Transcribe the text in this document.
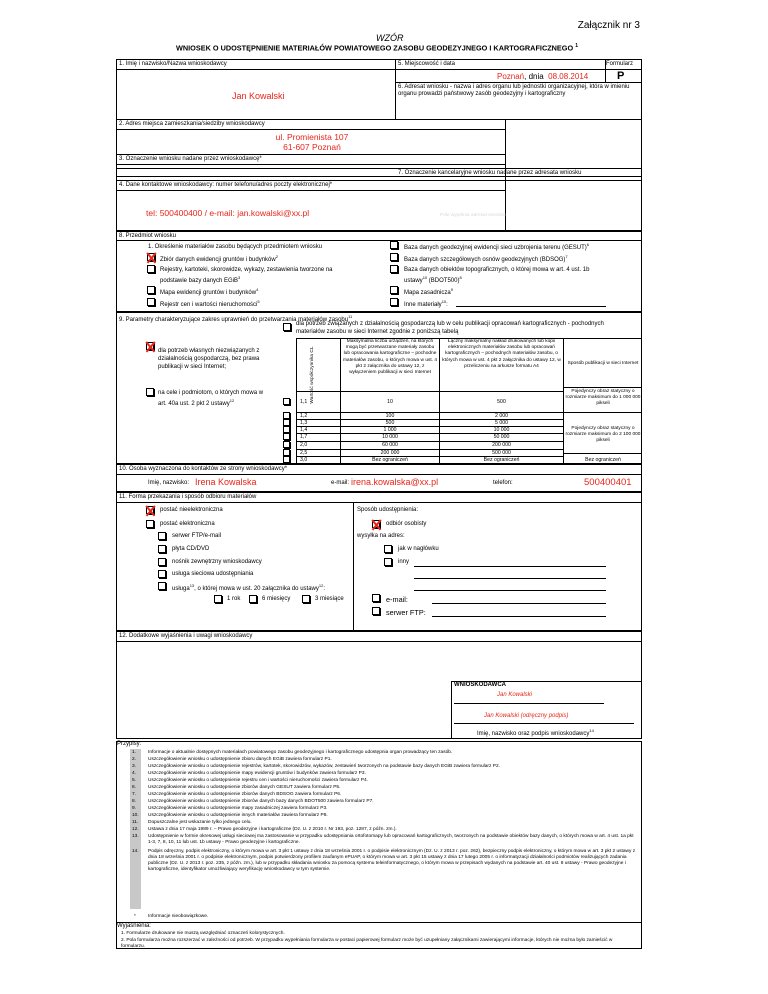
Załącznik nr 3
WZÓR
WNIOSEK O UDOSTĘPNIENIE MATERIAŁÓW POWIATOWEGO ZASOBU GEODEZYJNEGO I KARTOGRAFICZNEGO $^1$
1. Imię i nazwisko/Nazwa wnioskodawcy
Jan Kowalski
5. Miejscowość i data	Formularz
P
Poznań, dnia 08.08.2014
6. Adresat wniosku - nazwa i adres organu lub jednostki organizacyjnej, która w imieniu organu prowadzi państwowy zasób geodezyjny i kartograficzny
2. Adres miejsca zamieszkania/siedziby wnioskodawcy
ul. Promienista 107
61-607 Poznań
3. Oznaczenie wniosku nadane przez wnioskodawcę*
7. Oznaczenie kancelaryjne wniosku nadane przez adresata wniosku
4. Dane kontaktowe wnioskodawcy: numer telefonu/adres poczty elektronicznej*
tel: 500400400 / e-mail: jan.kowalski@xx.pl	Pole wypełnia adresat wniosku
8. Przedmiot wniosku
1. Określenie materiałów zasobu będących przedmiotem wniosku
Zbiór danych ewidencji gruntów i budynków$^2$
Rejestry, kartoteki, skorowidze, wykazy, zestawienia tworzone na podstawie bazy danych EGiB$^3$
Mapa ewidencji gruntów i budynków$^4$
Rejestr cen i wartości nieruchomości$^5$
Baza danych geodezyjnej ewidencji sieci uzbrojenia terenu (GESUT)$^6$
Baza danych szczegółowych osnów geodezyjnych (BDSOG)$^7$
Baza danych obiektów topograficznych, o której mowa w art. 4 ust. 1b ustawy$^{10}$ (BDOT500)$^8$
Mapa zasadnicza$^9$
Inne materiały$^{10}$:
9. Parametry charakteryzujące zakres uprawnień do przetwarzania materiałów zasobu$^{11}$
dla potrzeb związanych z działalnością gospodarczą lub w celu publikacji opracowań kartograficznych - pochodnych materiałów zasobu w sieci Internet zgodnie z poniższą tabelą
dla potrzeb własnych niezwiązanych z działalnością gospodarczą, bez prawa publikacji w sieci Internet;
na cele i podmiotom, o których mowa w art. 40a ust. 2 pkt 2 ustawy$^{12}$	Wartość współczynnika CL
Maksymalna liczba urządzeń, na których mogą być przetwarzane materiały zasobu lub opracowania kartograficzne – pochodne materiałów zasobu, o których mowa w ust. 4 pkt 2 załącznika do ustawy 12, z wyłączeniem publikacji w sieci Internet
Łączny maksymalny nakład drukowanych lub kopii elektronicznych materiałów zasobu lub opracowań kartograficznych – pochodnych materiałów zasobu, o których mowa w ust. 4 pkt 2 załącznika do ustawy 12, w przeliczeniu na arkusze formatu A4
Sposób publikacji w sieci Internet
Pojedynczy obraz statyczny o rozmiarze maksimum do 1 000 000 pikseli
Pojedynczy obraz statyczny o rozmiarze maksimum do 2 100 000 pikseli
1,1	10	500
1,2	100	2 000
1,3	500	5 000
1,4	1 000	10 000
1,7	10 000	50 000
2,0	60 000	200 000
2,5	200 000	500 000
3,0	Bez ograniczeń	Bez ograniczeń	Bez ograniczeń
10. Osoba wyznaczona do kontaktów ze strony wnioskodawcy*
Imię, nazwisko: Irena Kowalska	e-mail: irena.kowalska@xx.pl	telefon:	500400401
11. Forma przekazania i sposób odbioru materiałów
postać nieelektroniczna
postać elektroniczna
serwer FTP/e-mail
płyta CD/DVD
nośnik zewnętrzny wnioskodawcy
usługa sieciowa udostępniania
usługa$^{13}$, o której mowa w ust. 20 załącznika do ustawy$^{12}$:
1 rok	6 miesięcy	3 miesiące
Sposób udostępnienia:
odbiór osobisty
wysyłka na adres:
jak w nagłówku
inny
e-mail:
serwer FTP:
12. Dodatkowe wyjaśnienia i uwagi wnioskodawcy
WNIOSKODAWCA
Jan Kowalski
Jan Kowalski (odręczny podpis)
Imię, nazwisko oraz podpis wnioskodawcy$^{14}$
Przypisy:
1. Informacje o aktualnie dostępnych materiałach powiatowego zasobu geodezyjnego i kartograficznego udostępnia organ prowadzący ten zasób.
2. Uszczegółowienie wniosku o udostępnienie zbioru danych EGiB zawiera formularz P1.
3. Uszczegółowienie wniosku o udostępnienie rejestrów, kartotek, skorowidzów, wykazów, zestawień tworzonych na podstawie bazy danych EGiB zawiera formularz P2.
4. Uszczegółowienie wniosku o udostępnienie mapy ewidencji gruntów i budynków zawiera formularz P3.
5. Uszczegółowienie wniosku o udostępnienie rejestru cen i wartości nieruchomości zawiera formularz P4.
6. Uszczegółowienie wniosku o udostępnienie zbiorów danych GESUT zawiera formularz P5.
7. Uszczegółowienie wniosku o udostępnienie zbiorów danych BDSOG zawiera formularz P6.
8. Uszczegółowienie wniosku o udostępnienie zbiorów danych bazy danych BDOT500 zawiera formularz P7.
9. Uszczegółowienie wniosku o udostępnienie mapy zasadniczej zawiera formularz P3.
10. Uszczegółowienie wniosku o udostępnienie innych materiałów zawiera formularz P8.
11. Dopuszczalne jest wskazanie tylko jednego celu.
12. Ustawa z dnia 17 maja 1989 r. – Prawo geodezyjne i kartograficzne (Dz. U. z 2010 r. Nr 193, poz. 1287, z późn. zm.).
13. Udostępnienie w formie okresowej usługi sieciowej ma zastosowanie w przypadku udostępniania ortofotomapy lub opracowań kartograficznych, tworzonych na podstawie obiektów bazy danych, o których mowa w art. 4 ust. 1a pkt 1-3, 7, 8, 10, 11 lub ust. 1b ustawy - Prawo geodezyjne i kartograficzne.
14. Podpis odręczny, podpis elektroniczny, o którym mowa w art. 3 pkt 1 ustawy z dnia 18 września 2001 r. o podpisie elektronicznym (Dz. U. z 2013 r. poz. 262), bezpieczny podpis elektroniczny, o którym mowa w art. 3 pkt 2 ustawy z dnia 18 września 2001 r. o podpisie elektronicznym, podpis potwierdzony profilem zaufanym ePUAP, o którym mowa w art. 3 pkt 15 ustawy z dnia 17 lutego 2005 r. o informatyzacji działalności podmiotów realizujących zadania publiczne (Dz. U. z 2013 r. poz. 235, z późn. zm.), lub w przypadku składania wniosku za pomocą systemu teleinformatycznego, o którym mowa w przepisach wydanych na podstawie art. 40 ust. 8 ustawy - Prawo geodezyjne i kartograficzne, identyfikator umożliwiający weryfikację wnioskodawcy w tym systemie.
*	Informacje nieobowiązkowe.
Wyjaśnienia:
1. Formularze drukowane nie muszą uwzględniać oznaczeń kolorystycznych.
2. Pola formularza można rozszerzać w zależności od potrzeb. W przypadku wypełniania formularza w postaci papierowej formularz może być uzupełniany załącznikami zawierającymi informacje, których nie można było zamieścić w formularzu.
